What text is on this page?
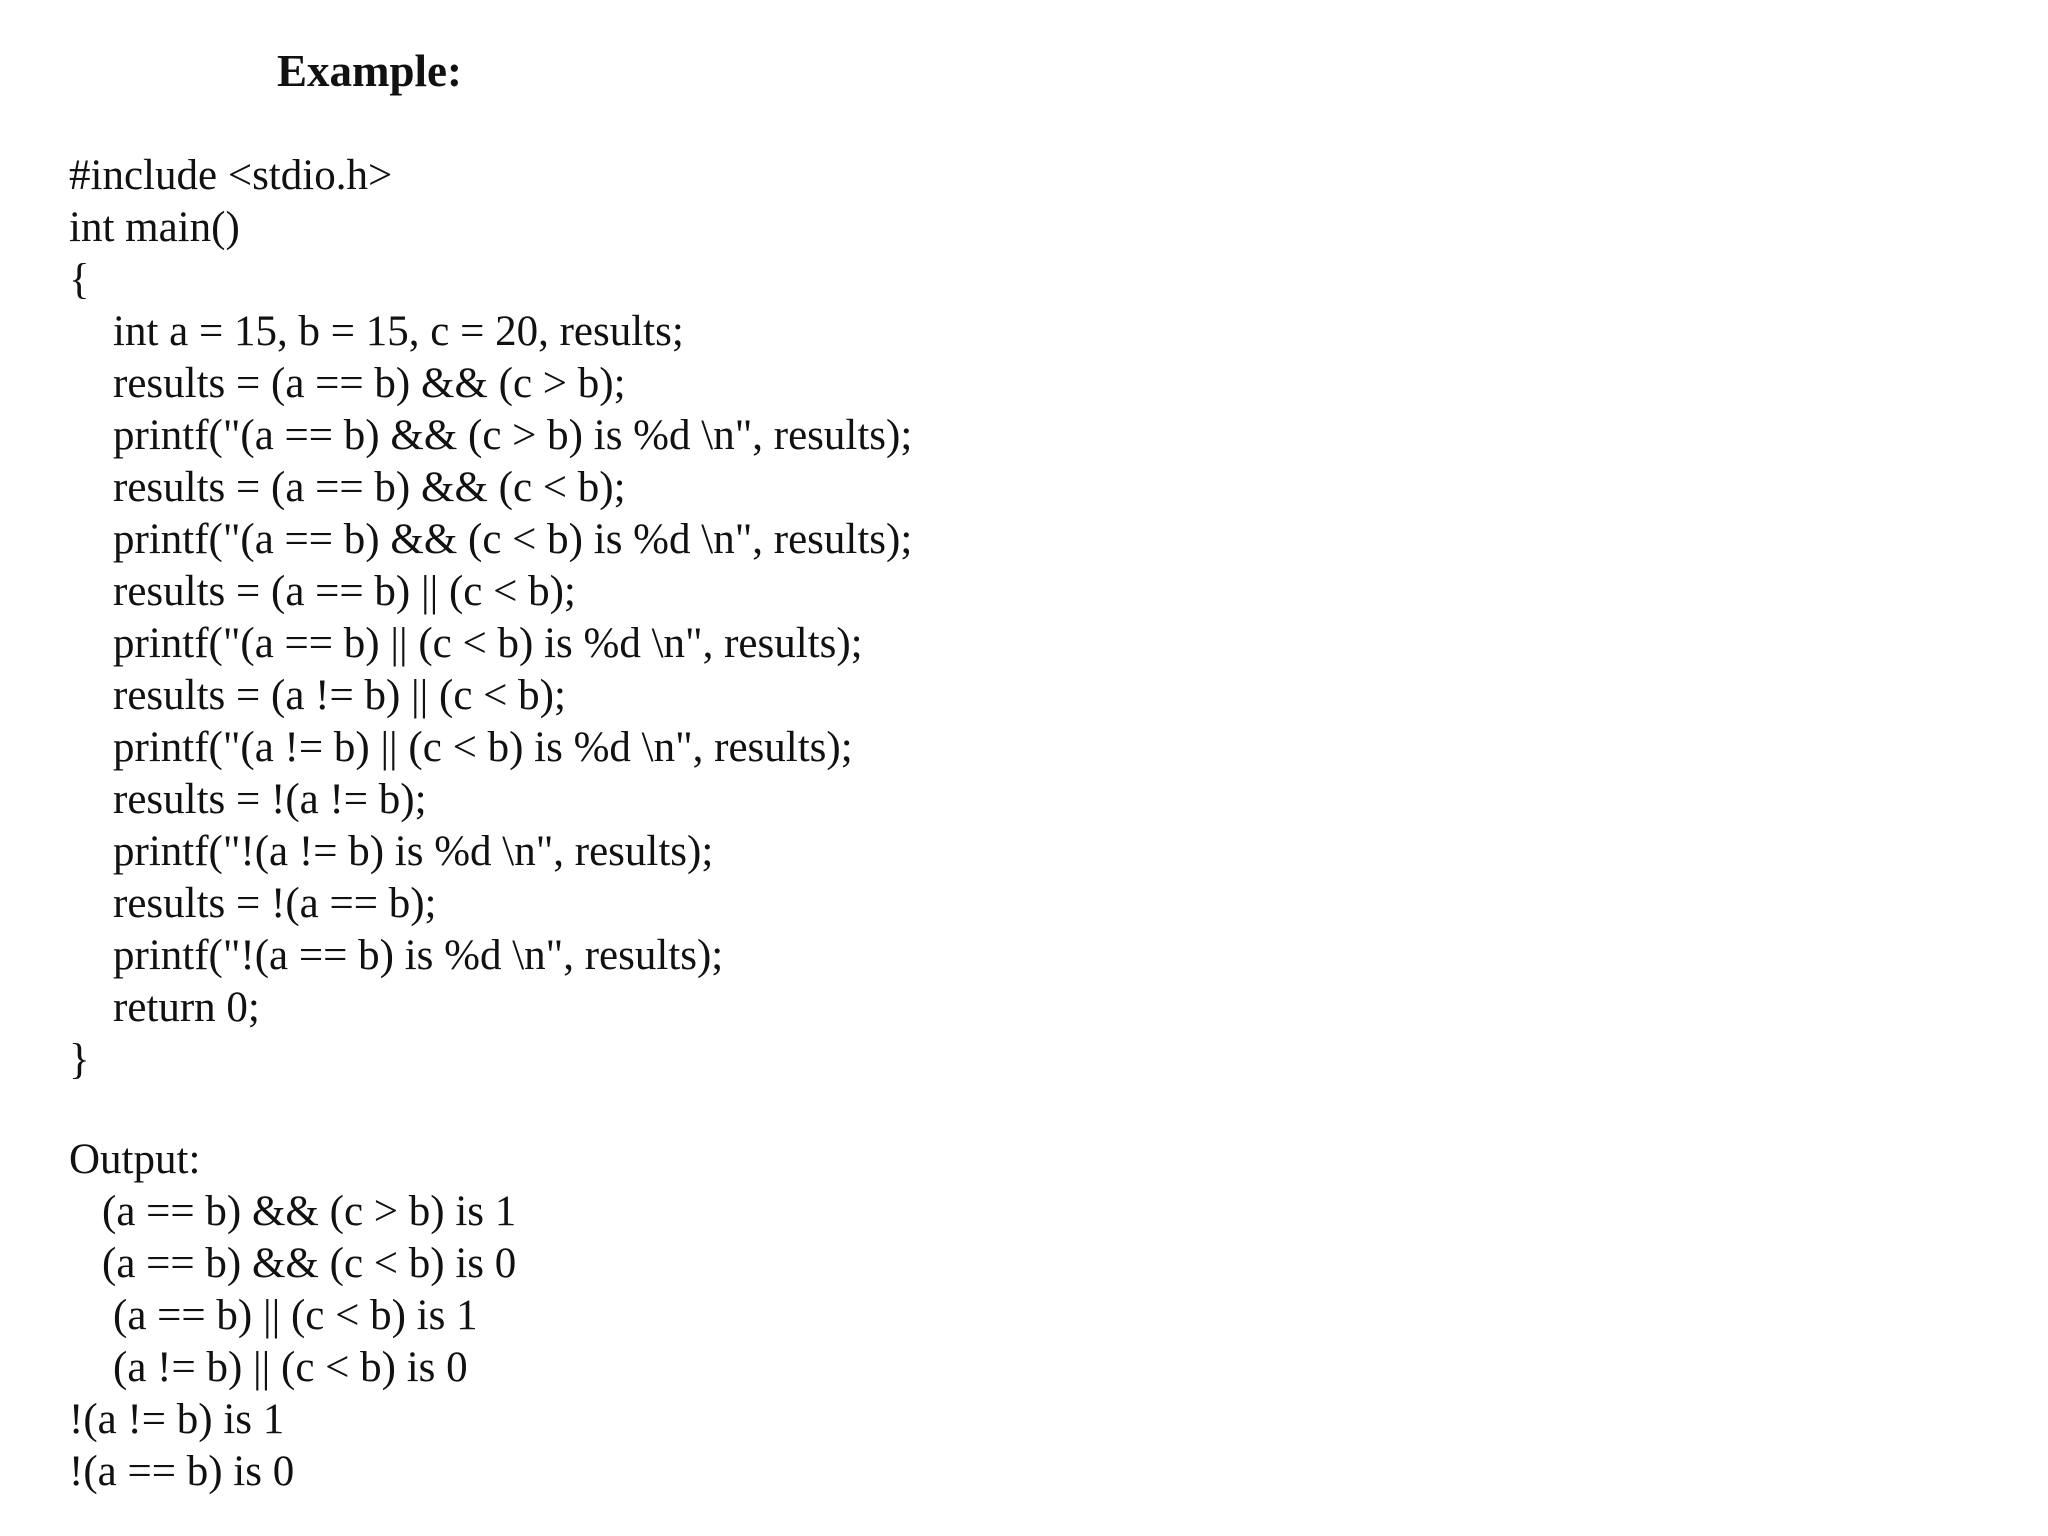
Example:
#include <stdio.h>
int main()
{
int a = 15, b = 15, c = 20, results;
results = (a == b) && (c > b);
printf("(a == b) && (c > b) is %d \n", results);
results = (a == b) && (c < b);
printf("(a == b) && (c < b) is %d \n", results);
results = (a == b) || (c < b);
printf("(a == b) || (c < b) is %d \n", results);
results = (a != b) || (c < b);
printf("(a != b) || (c < b) is %d \n", results);
results = !(a != b);
printf("!(a != b) is %d \n", results);
results = !(a == b);
printf("!(a == b) is %d \n", results);
return 0;
}
Output:
(a == b) && (c > b) is 1
(a == b) && (c < b) is 0
(a == b) || (c < b) is 1
(a != b) || (c < b) is 0
!(a != b) is 1
!(a == b) is 0
